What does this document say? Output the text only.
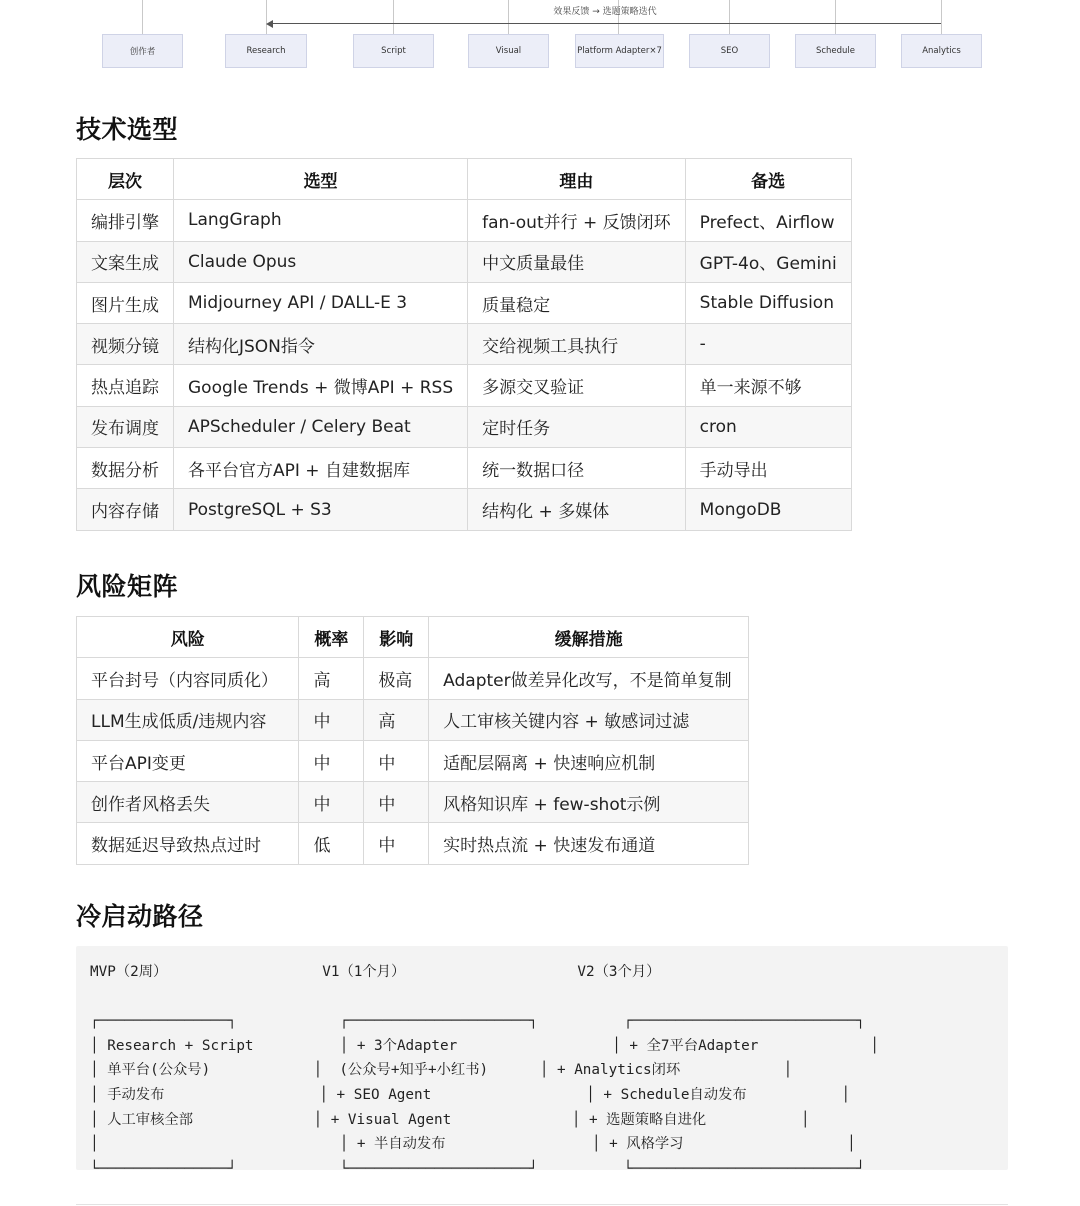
效果反馈 → 选题策略迭代
创作者	Research	Script	Visual	Platform Adapter×7	SEO	Schedule	Analytics
技术选型
层次	选型	理由	备选
编排引擎	LangGraph	fan-out并行 + 反馈闭环	Prefect、Airflow
文案生成	Claude Opus	中文质量最佳	GPT-4o、Gemini
图片生成	Midjourney API / DALL-E 3	质量稳定	Stable Diffusion
视频分镜	结构化JSON指令	交给视频工具执行	-
热点追踪	Google Trends + 微博API + RSS	多源交叉验证	单一来源不够
发布调度	APScheduler / Celery Beat	定时任务	cron
数据分析	各平台官方API + 自建数据库	统一数据口径	手动导出
内容存储	PostgreSQL + S3	结构化 + 多媒体	MongoDB
风险矩阵
风险	概率	影响	缓解措施
平台封号（内容同质化）	高	极高	Adapter做差异化改写，不是简单复制
LLM生成低质/违规内容	中	高	人工审核关键内容 + 敏感词过滤
平台API变更	中	中	适配层隔离 + 快速响应机制
创作者风格丢失	中	中	风格知识库 + few-shot示例
数据延迟导致热点过时	低	中	实时热点流 + 快速发布通道
冷启动路径
MVP（2周）                  V1（1个月）                    V2（3个月）

┌───────────────┐            ┌─────────────────────┐          ┌──────────────────────────┐
│ Research + Script          │ + 3个Adapter                  │ + 全7平台Adapter             │
│ 单平台(公众号)            │  (公众号+知乎+小红书)      │ + Analytics闭环            │
│ 手动发布                  │ + SEO Agent                  │ + Schedule自动发布           │
│ 人工审核全部              │ + Visual Agent              │ + 选题策略自进化           │
│                            │ + 半自动发布                 │ + 风格学习                   │
└───────────────┘            └─────────────────────┘          └──────────────────────────┘
